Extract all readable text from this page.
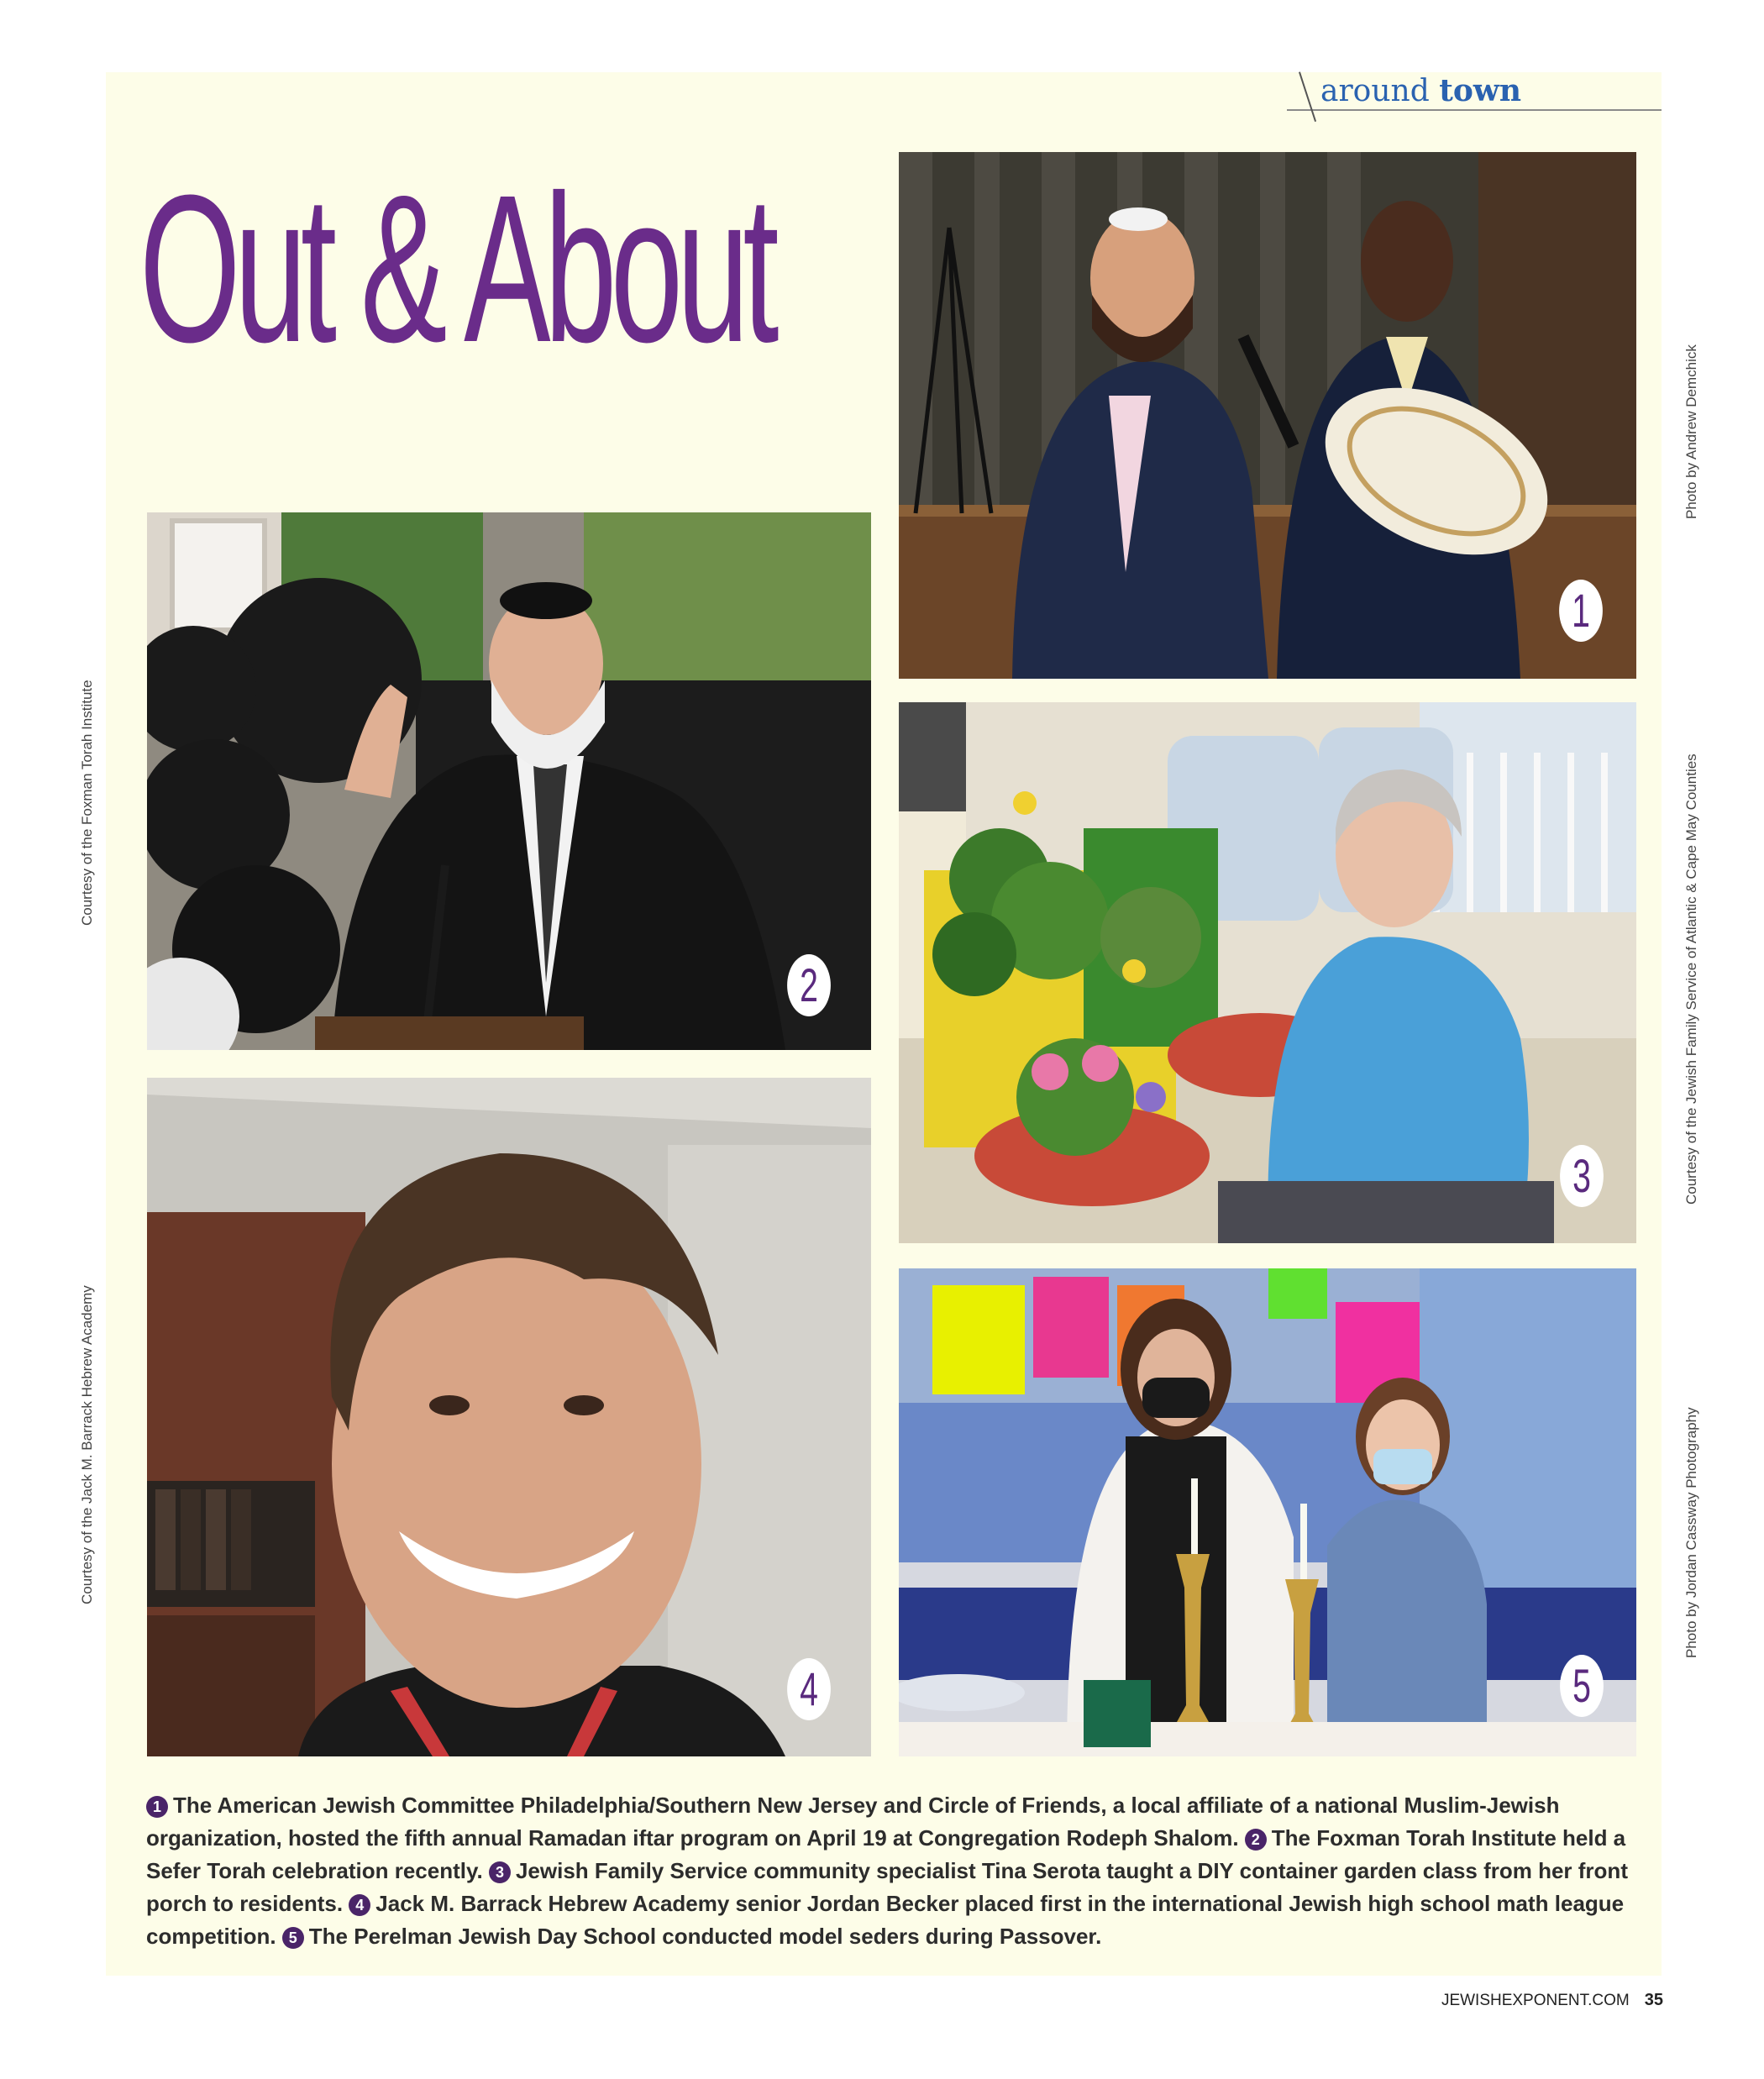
around town
Out & About
1
2
3
4	5
Courtesy of the Foxman Torah Institute
Courtesy of the Jack M. Barrack Hebrew Academy
Photo by Andrew Demchick
Courtesy of the Jewish Family Service of Atlantic & Cape May Counties
Photo by Jordan Cassway Photography
1 The American Jewish Committee Philadelphia/Southern New Jersey and Circle of Friends, a local affiliate of a national Muslim-Jewish organization, hosted the fifth annual Ramadan iftar program on April 19 at Congregation Rodeph Shalom. 2 The Foxman Torah Institute held a Sefer Torah celebration recently. 3 Jewish Family Service community specialist Tina Serota taught a DIY container garden class from her front porch to residents. 4 Jack M. Barrack Hebrew Academy senior Jordan Becker placed first in the international Jewish high school math league competition. 5 The Perelman Jewish Day School conducted model seders during Passover.
JEWISHEXPONENT.COM 35
